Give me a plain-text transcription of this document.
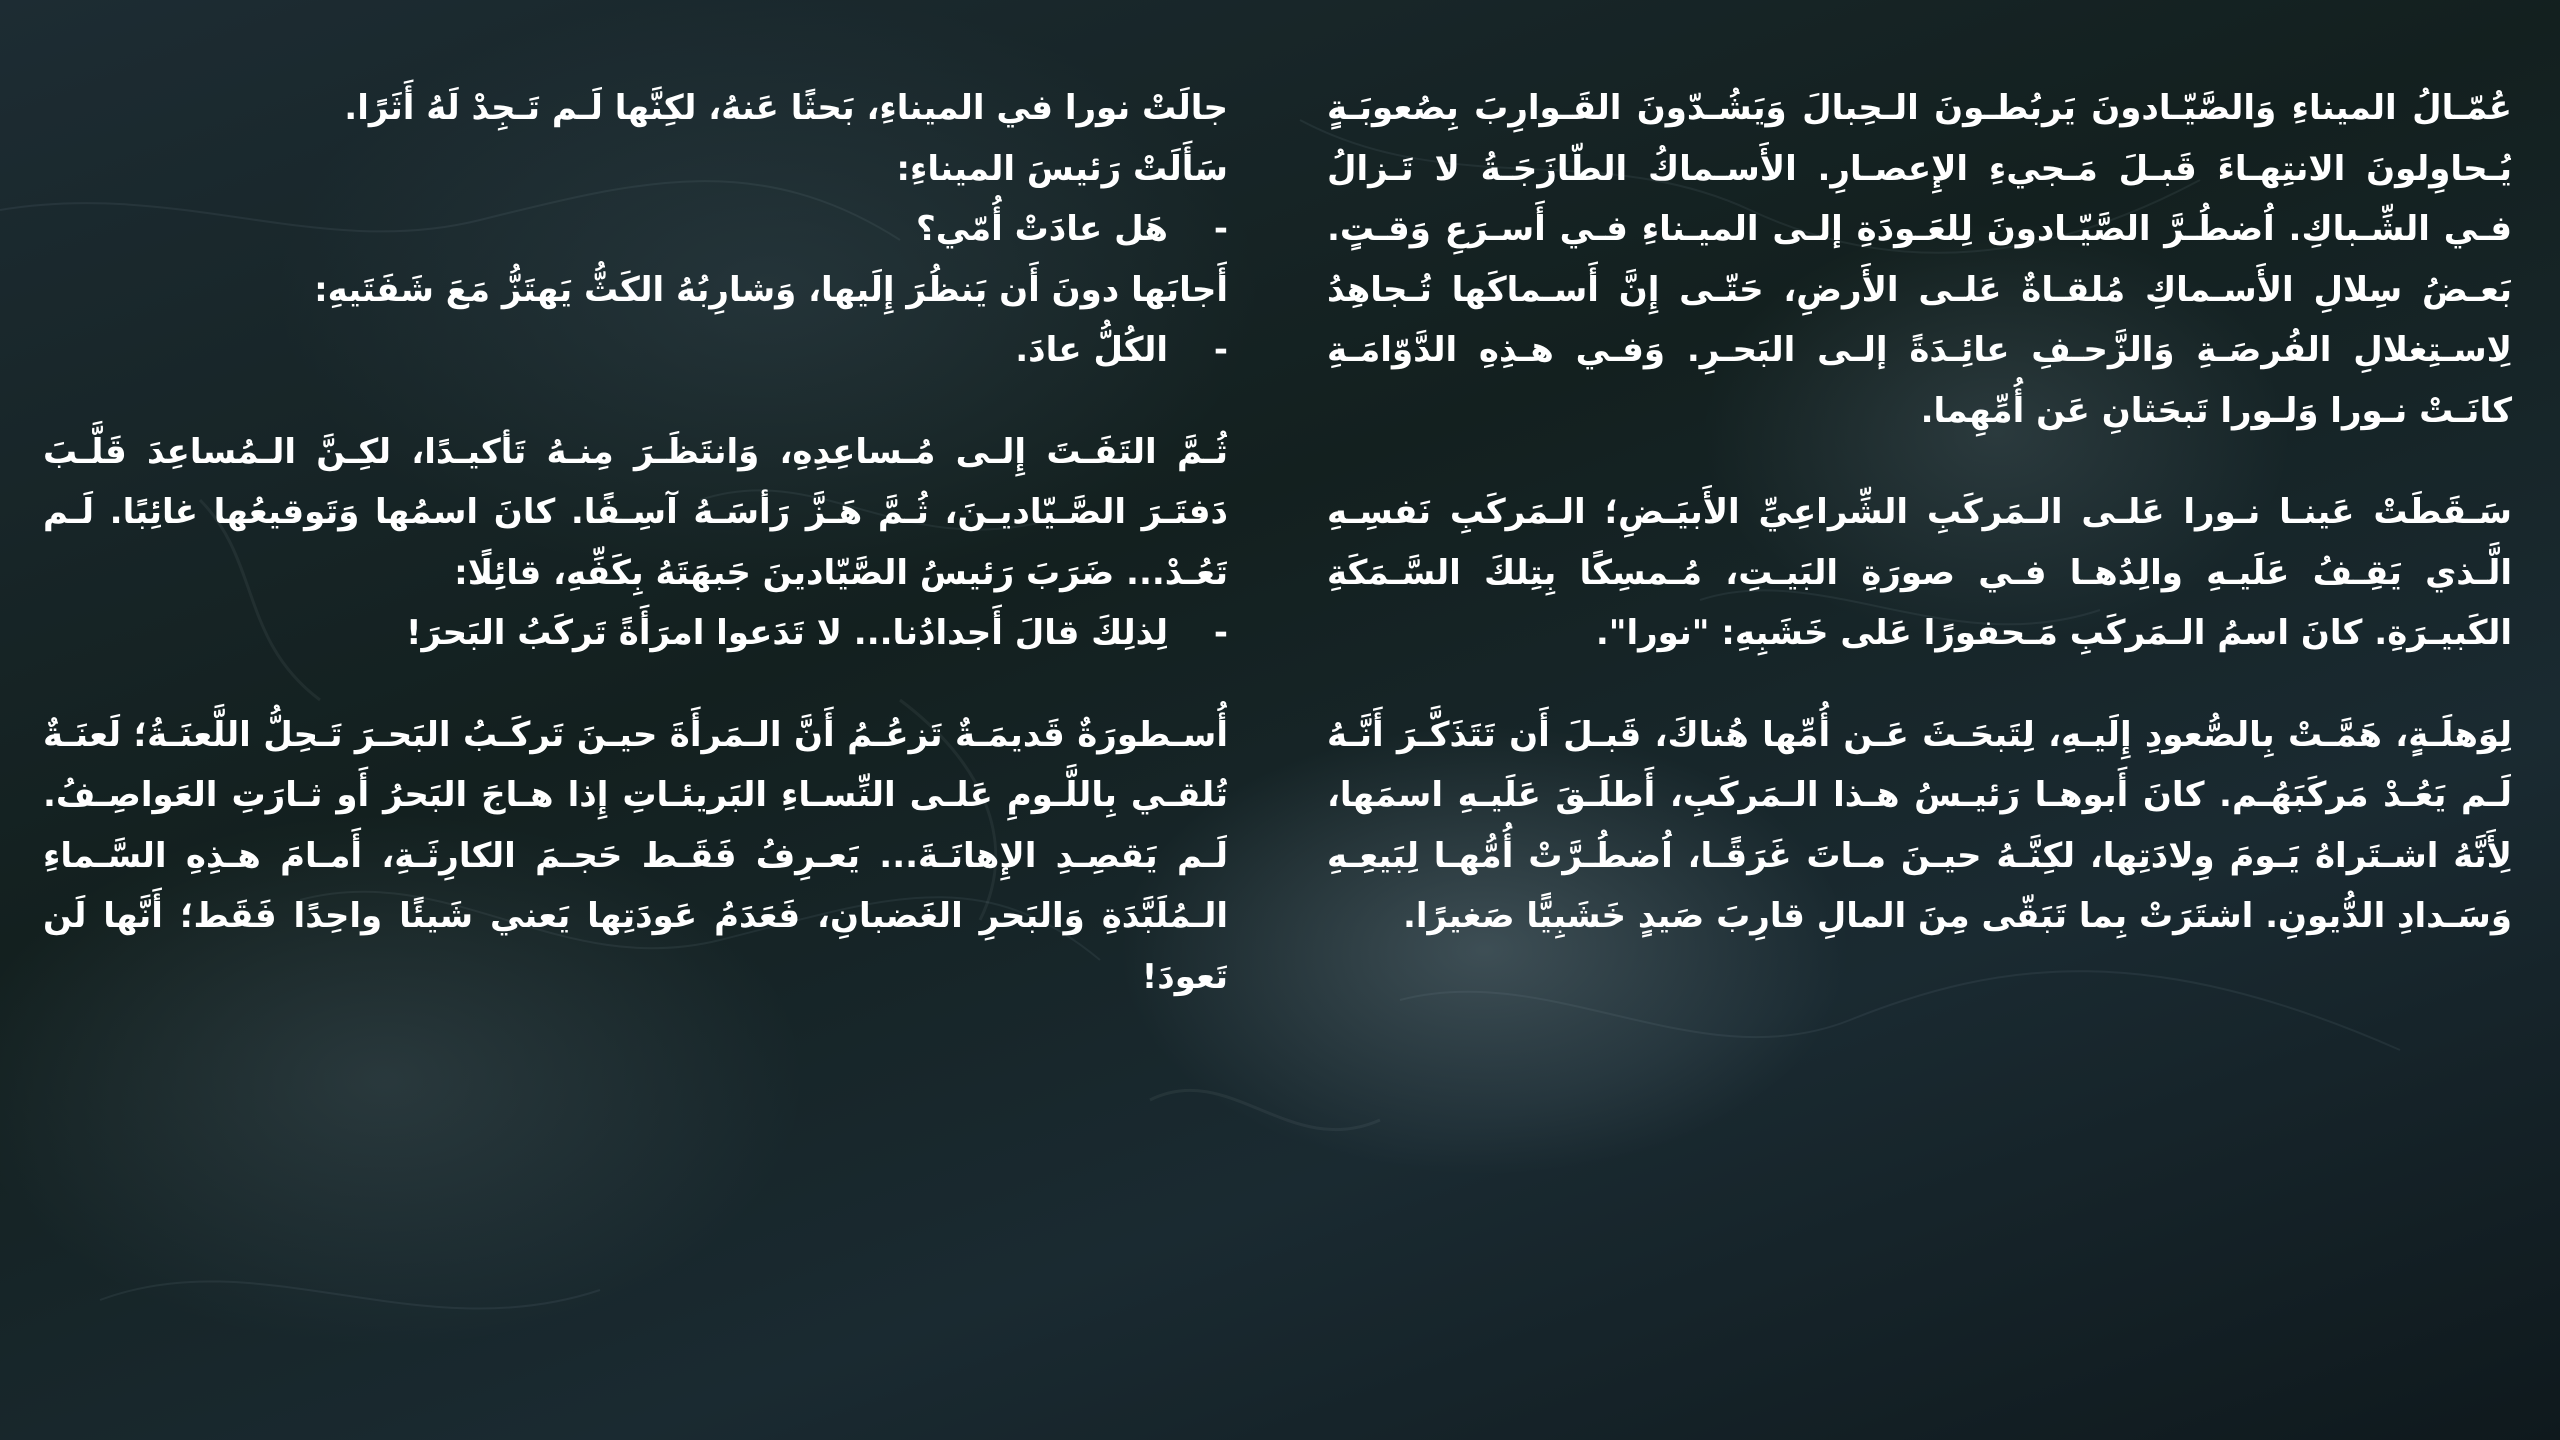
عُمّـالُ الميناءِ وَالصَّيّـادونَ يَربُطـونَ الـحِبالَ وَيَشُـدّونَ القَـوارِبَ بِصُعوبَـةٍ يُـحاوِلونَ الانتِهـاءَ قَبـلَ مَـجيءِ الإِعصـارِ. الأَسـماكُ الطّازَجَـةُ لا تَـزالُ فـي الشِّـباكِ. اُضطُـرَّ الصَّيّـادونَ لِلعَـودَةِ إلـى الميـناءِ فـي أَسـرَعِ وَقـتٍ. بَعـضُ سِلالِ الأَسـماكِ مُلقـاةٌ عَلـى الأَرضِ، حَتّـى إِنَّ أَسـماكَها تُـجاهِدُ لِاسـتِغلالِ الفُرصَـةِ وَالزَّحـفِ عائِـدَةً إلـى البَحـرِ. وَفـي هـذِهِ الدَّوّامَـةِ كانَـتْ نـورا وَلـورا تَبحَثانِ عَن أُمِّهِما.

سَـقَطَتْ عَينـا نـورا عَلـى الـمَركَبِ الشِّراعِيِّ الأَبيَـضِ؛ الـمَركَبِ نَفسِـهِ الَّـذي يَقِـفُ عَلَيـهِ والِدُهـا فـي صورَةِ البَيـتِ، مُـمسِكًا بِتِلكَ السَّـمَكَةِ الكَبيـرَةِ. كانَ اسمُ الـمَركَبِ مَـحفورًا عَلى خَشَبِهِ: "نورا".

لِوَهلَـةٍ، هَمَّـتْ بِالصُّعودِ إِلَيـهِ، لِتَبحَـثَ عَـن أُمِّها هُناكَ، قَبـلَ أَن تَتَذَكَّـرَ أَنَّـهُ لَـم يَعُـدْ مَركَبَهُـم. كانَ أَبوهـا رَئيـسُ هـذا الـمَركَبِ، أَطلَـقَ عَلَيـهِ اسمَها، لِأَنَّهُ اشـتَراهُ يَـومَ وِلادَتِها، لكِنَّـهُ حيـنَ مـاتَ غَرَقًـا، اُضطُـرَّتْ أُمُّهـا لِبَيعِـهِ وَسَـدادِ الدُّيونِ. اشتَرَتْ بِما تَبَقّى مِنَ المالِ قارِبَ صَيدٍ خَشَبِيًّا صَغيرًا.

جالَتْ نورا في الميناءِ، بَحثًا عَنهُ، لكِنَّها لَـم تَـجِدْ لَهُ أَثَرًا.

سَأَلَتْ رَئيسَ الميناءِ:

-
هَل عادَتْ أُمّي؟

أَجابَها دونَ أَن يَنظُرَ إِلَيها، وَشارِبُهُ الكَثُّ يَهتَزُّ مَعَ شَفَتَيهِ:

-
الكُلُّ عادَ.

ثُـمَّ التَفَـتَ إِلـى مُـساعِدِهِ، وَانتَظَـرَ مِنـهُ تَأكيـدًا، لكِـنَّ الـمُساعِدَ قَلَّـبَ دَفتَـرَ الصَّـيّاديـنَ، ثُـمَّ هَـزَّ رَأسَـهُ آسِـفًا. كانَ اسمُها وَتَوقيعُها غائِبًا. لَـم تَعُـدْ... ضَرَبَ رَئيسُ الصَّيّادينَ جَبهَتَهُ بِكَفِّهِ، قائِلًا:

-
لِذلِكَ قالَ أَجدادُنا... لا تَدَعوا امرَأَةً تَركَبُ البَحرَ!

أُسـطورَةٌ قَديمَـةٌ تَزعُـمُ أَنَّ الـمَرأَةَ حيـنَ تَركَـبُ البَحـرَ تَـحِلُّ اللَّعنَـةُ؛ لَعنَـةٌ تُلقـي بِاللَّـومِ عَلـى النِّسـاءِ البَريئـاتِ إِذا هـاجَ البَحرُ أَو ثـارَتِ العَواصِـفُ. لَـم يَقصِـدِ الإِهانَـةَ... يَعـرِفُ فَقَـط حَجـمَ الكارِثَـةِ، أَمـامَ هـذِهِ السَّـماءِ الـمُلَبَّدَةِ وَالبَحرِ الغَضبانِ، فَعَدَمُ عَودَتِها يَعني شَيئًا واحِدًا فَقَط؛ أَنَّها لَن تَعودَ!
